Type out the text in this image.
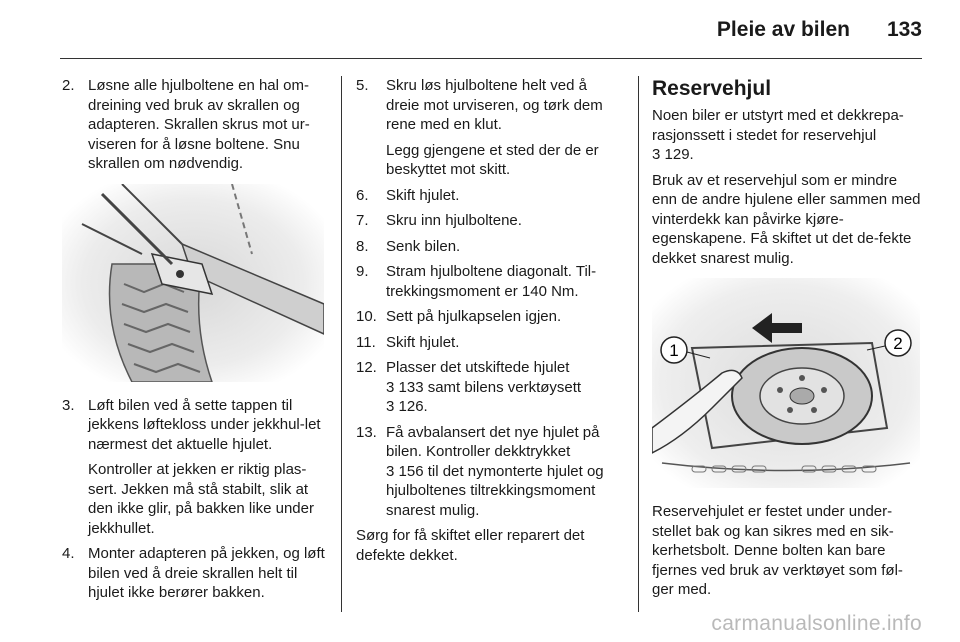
Pleie av bilen 133
2. Løsne alle hjulboltene en hal om-dreining ved bruk av skrallen og adapteren. Skrallen skrus mot ur-viseren for å løsne boltene. Snu skrallen om nødvendig.
3. Løft bilen ved å sette tappen til jekkens løftekloss under jekkhul-let nærmest det aktuelle hjulet.
Kontroller at jekken er riktig plas-sert. Jekken må stå stabilt, slik at den ikke glir, på bakken like under jekkhullet.
4. Monter adapteren på jekken, og løft bilen ved å dreie skrallen helt til hjulet ikke berører bakken.
5. Skru løs hjulboltene helt ved å dreie mot urviseren, og tørk dem rene med en klut.
Legg gjengene et sted der de er beskyttet mot skitt.
6. Skift hjulet.
7. Skru inn hjulboltene.
8. Senk bilen.
9. Stram hjulboltene diagonalt. Til-trekkingsmoment er 140 Nm.
10. Sett på hjulkapselen igjen.
11. Skift hjulet.
12. Plasser det utskiftede hjulet
3 133 samt bilens verktøysett
3 126.
13. Få avbalansert det nye hjulet på bilen. Kontroller dekktrykket
3 156 til det nymonterte hjulet og hjulboltenes tiltrekkingsmoment snarest mulig.

Sørg for få skiftet eller reparert det defekte dekket.

Reservehjul

Noen biler er utstyrt med et dekkrepa-rasjonssett i stedet for reservehjul
3 129.

Bruk av et reservehjul som er mindre enn de andre hjulene eller sammen med vinterdekk kan påvirke kjøre-egenskapene. Få skiftet ut det de-fekte dekket snarest mulig.

1	2

Reservehjulet er festet under under-stellet bak og kan sikres med en sik-kerhetsbolt. Denne bolten kan bare fjernes ved bruk av verktøyet som føl-ger med.

carmanualsonline.info
